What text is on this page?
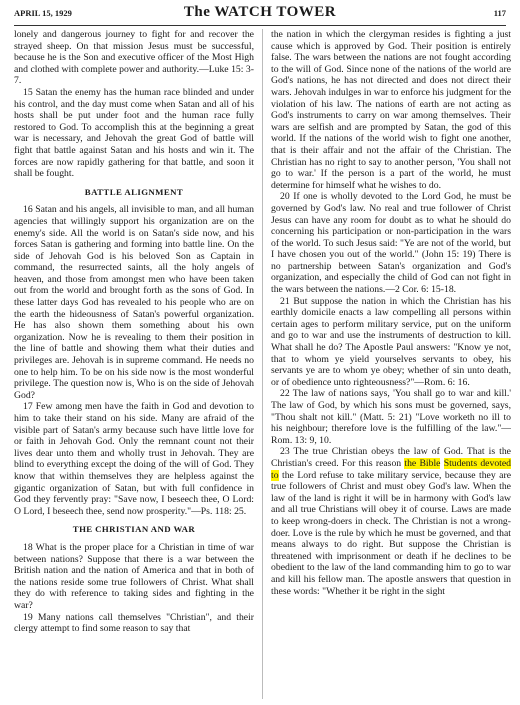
APRIL 15, 1929	The WATCH TOWER	117

lonely and dangerous journey to fight for and recover the strayed sheep. On that mission Jesus must be successful, because he is the Son and executive officer of the Most High and clothed with complete power and authority.—Luke 15: 3-7.

15 Satan the enemy has the human race blinded and under his control, and the day must come when Satan and all of his hosts shall be put under foot and the human race fully restored to God. To accomplish this at the beginning a great war is necessary, and Jehovah the great God of battle will fight that battle against Satan and his hosts and win it. The forces are now rapidly gathering for that battle, and soon it shall be fought.

BATTLE ALIGNMENT

16 Satan and his angels, all invisible to man, and all human agencies that willingly support his organization are on the enemy's side. All the world is on Satan's side now, and his forces Satan is gathering and forming into battle line. On the side of Jehovah God is his beloved Son as Captain in command, the resurrected saints, all the holy angels of heaven, and those from amongst men who have been taken out from the world and brought forth as the sons of God. In these latter days God has revealed to his people who are on the earth the hideousness of Satan's powerful organization. He has also shown them something about his own organization. Now he is revealing to them their position in the line of battle and showing them what their duties and privileges are. Jehovah is in supreme command. He needs no one to help him. To be on his side now is the most wonderful privilege. The question now is, Who is on the side of Jehovah God?

17 Few among men have the faith in God and devotion to him to take their stand on his side. Many are afraid of the visible part of Satan's army because such have little love for or faith in Jehovah God. Only the remnant count not their lives dear unto them and wholly trust in Jehovah. They are blind to everything except the doing of the will of God. They know that within themselves they are helpless against the gigantic organization of Satan, but with full confidence in God they fervently pray: "Save now, I beseech thee, O Lord: O Lord, I beseech thee, send now prosperity."—Ps. 118: 25.

THE CHRISTIAN AND WAR

18 What is the proper place for a Christian in time of war between nations? Suppose that there is a war between the British nation and the nation of America and that in both of the nations reside some true followers of Christ. What shall they do with reference to taking sides and fighting in the war?

19 Many nations call themselves "Christian", and their clergy attempt to find some reason to say that

the nation in which the clergyman resides is fighting a just cause which is approved by God. Their position is entirely false. The wars between the nations are not fought according to the will of God. Since none of the nations of the world are God's nations, he has not directed and does not direct their wars. Jehovah indulges in war to enforce his judgment for the violation of his law. The nations of earth are not acting as God's instruments to carry on war among themselves. Their wars are selfish and are prompted by Satan, the god of this world. If the nations of the world wish to fight one another, that is their affair and not the affair of the Christian. The Christian has no right to say to another person, 'You shall not go to war.' If the person is a part of the world, he must determine for himself what he wishes to do.

20 If one is wholly devoted to the Lord God, he must be governed by God's law. No real and true follower of Christ Jesus can have any room for doubt as to what he should do concerning his participation or non-participation in the wars of the world. To such Jesus said: "Ye are not of the world, but I have chosen you out of the world." (John 15: 19) There is no partnership between Satan's organization and God's organization, and especially the child of God can not fight in the wars between the nations.—2 Cor. 6: 15-18.

21 But suppose the nation in which the Christian has his earthly domicile enacts a law compelling all persons within certain ages to perform military service, put on the uniform and go to war and use the instruments of destruction to kill. What shall he do? The Apostle Paul answers: "Know ye not, that to whom ye yield yourselves servants to obey, his servants ye are to whom ye obey; whether of sin unto death, or of obedience unto righteousness?"—Rom. 6: 16.

22 The law of nations says, 'You shall go to war and kill.' The law of God, by which his sons must be governed, says, "Thou shalt not kill." (Matt. 5: 21) "Love worketh no ill to his neighbour; therefore love is the fulfilling of the law."—Rom. 13: 9, 10.

23 The true Christian obeys the law of God. That is the Christian's creed. For this reason the Bible Students devoted to the Lord refuse to take military service, because they are true followers of Christ and must obey God's law. When the law of the land is right it will be in harmony with God's law and all true Christians will obey it of course. Laws are made to keep wrong-doers in check. The Christian is not a wrong-doer. Love is the rule by which he must be governed, and that means always to do right. But suppose the Christian is threatened with imprisonment or death if he declines to be obedient to the law of the land commanding him to go to war and kill his fellow man. The apostle answers that question in these words: "Whether it be right in the sight
